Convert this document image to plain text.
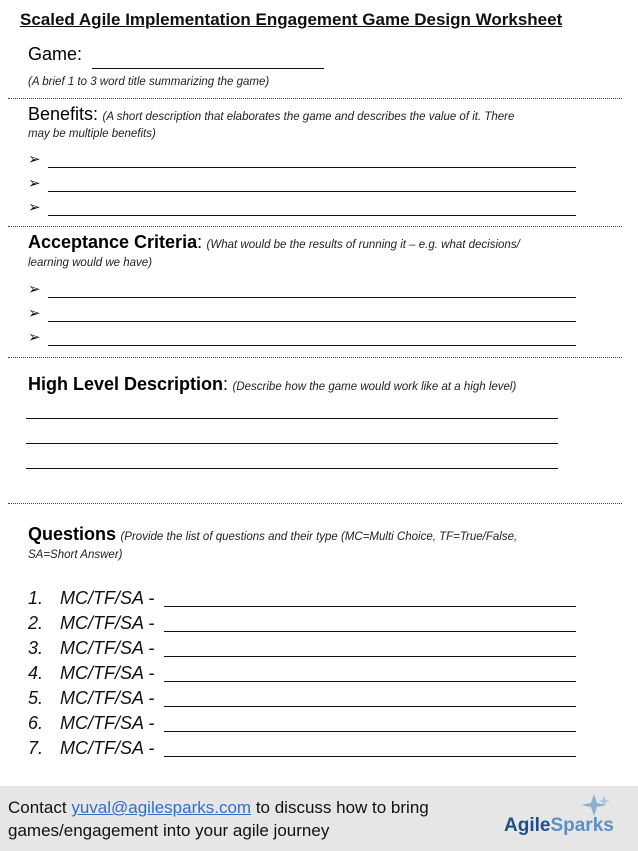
Scaled Agile Implementation Engagement Game Design Worksheet
Game:
(A brief 1 to 3 word title summarizing the game)
Benefits: (A short description that elaborates the game and describes the value of it. There
may be multiple benefits)
➢
➢
➢
Acceptance Criteria: (What would be the results of running it – e.g. what decisions/
learning would we have)
➢
➢
➢
High Level Description: (Describe how the game would work like at a high level)
Questions (Provide the list of questions and their type (MC=Multi Choice, TF=True/False,
SA=Short Answer)
1. MC/TF/SA -
2. MC/TF/SA -
3. MC/TF/SA -
4. MC/TF/SA -
5. MC/TF/SA -
6. MC/TF/SA -
7. MC/TF/SA -
Contact yuval@agilesparks.com to discuss how to bring
games/engagement into your agile journey	AgileSparks
